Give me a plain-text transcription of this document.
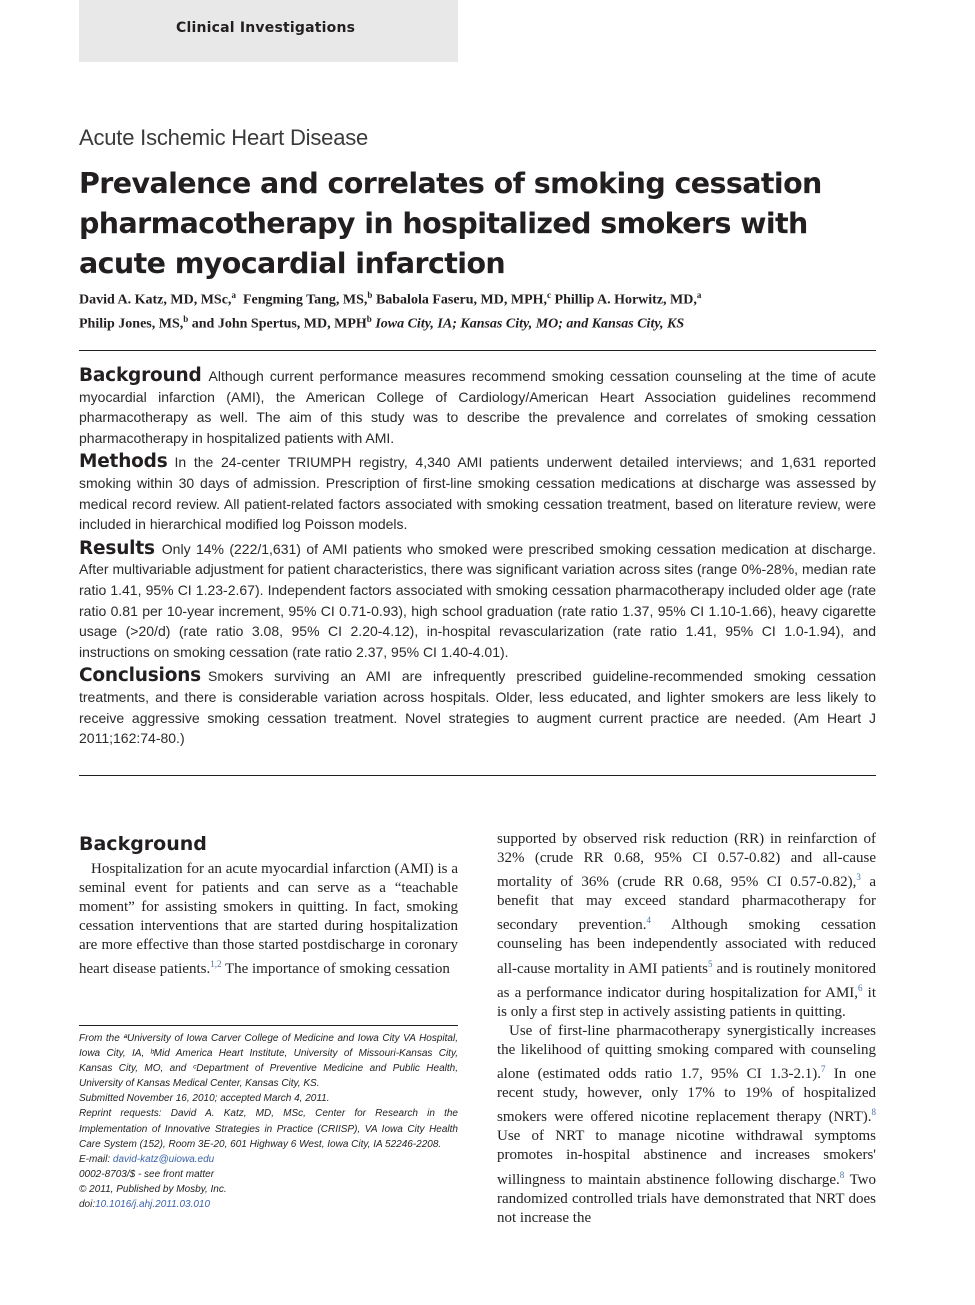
Clinical Investigations
Acute Ischemic Heart Disease
Prevalence and correlates of smoking cessation pharmacotherapy in hospitalized smokers with acute myocardial infarction
David A. Katz, MD, MSc,$^a$ Fengming Tang, MS,$^b$ Babalola Faseru, MD, MPH,$^c$ Phillip A. Horwitz, MD,$^a$
Philip Jones, MS,$^b$ and John Spertus, MD, MPH$^b$ Iowa City, IA; Kansas City, MO; and Kansas City, KS

Background Although current performance measures recommend smoking cessation counseling at the time of acute myocardial infarction (AMI), the American College of Cardiology/American Heart Association guidelines recommend pharmacotherapy as well. The aim of this study was to describe the prevalence and correlates of smoking cessation pharmacotherapy in hospitalized patients with AMI.

Methods In the 24-center TRIUMPH registry, 4,340 AMI patients underwent detailed interviews; and 1,631 reported smoking within 30 days of admission. Prescription of first-line smoking cessation medications at discharge was assessed by medical record review. All patient-related factors associated with smoking cessation treatment, based on literature review, were included in hierarchical modified log Poisson models.

Results Only 14% (222/1,631) of AMI patients who smoked were prescribed smoking cessation medication at discharge. After multivariable adjustment for patient characteristics, there was significant variation across sites (range 0%-28%, median rate ratio 1.41, 95% CI 1.23-2.67). Independent factors associated with smoking cessation pharmacotherapy included older age (rate ratio 0.81 per 10-year increment, 95% CI 0.71-0.93), high school graduation (rate ratio 1.37, 95% CI 1.10-1.66), heavy cigarette usage (>20/d) (rate ratio 3.08, 95% CI 2.20-4.12), in-hospital revascularization (rate ratio 1.41, 95% CI 1.0-1.94), and instructions on smoking cessation (rate ratio 2.37, 95% CI 1.40-4.01).

Conclusions Smokers surviving an AMI are infrequently prescribed guideline-recommended smoking cessation treatments, and there is considerable variation across hospitals. Older, less educated, and lighter smokers are less likely to receive aggressive smoking cessation treatment. Novel strategies to augment current practice are needed. (Am Heart J 2011;162:74-80.)

Background

Hospitalization for an acute myocardial infarction (AMI) is a seminal event for patients and can serve as a “teachable moment” for assisting smokers in quitting. In fact, smoking cessation interventions that are started during hospitalization are more effective than those started postdischarge in coronary heart disease patients.$^{1,2}$ The importance of smoking cessation

From the ªUniversity of Iowa Carver College of Medicine and Iowa City VA Hospital, Iowa City, IA, ᵇMid America Heart Institute, University of Missouri-Kansas City, Kansas City, MO, and ᶜDepartment of Preventive Medicine and Public Health, University of Kansas Medical Center, Kansas City, KS.
Submitted November 16, 2010; accepted March 4, 2011.
Reprint requests: David A. Katz, MD, MSc, Center for Research in the Implementation of Innovative Strategies in Practice (CRIISP), VA Iowa City Health Care System (152), Room 3E-20, 601 Highway 6 West, Iowa City, IA 52246-2208.
E-mail: david-katz@uiowa.edu
0002-8703/$ - see front matter
© 2011, Published by Mosby, Inc.
doi:10.1016/j.ahj.2011.03.010

supported by observed risk reduction (RR) in reinfarction of 32% (crude RR 0.68, 95% CI 0.57-0.82) and all-cause mortality of 36% (crude RR 0.68, 95% CI 0.57-0.82),$^3$ a benefit that may exceed standard pharmacotherapy for secondary prevention.$^4$ Although smoking cessation counseling has been independently associated with reduced all-cause mortality in AMI patients$^5$ and is routinely monitored as a performance indicator during hospitalization for AMI,$^6$ it is only a first step in actively assisting patients in quitting.

Use of first-line pharmacotherapy synergistically increases the likelihood of quitting smoking compared with counseling alone (estimated odds ratio 1.7, 95% CI 1.3-2.1).$^7$ In one recent study, however, only 17% to 19% of hospitalized smokers were offered nicotine replacement therapy (NRT).$^8$ Use of NRT to manage nicotine withdrawal symptoms promotes in-hospital abstinence and increases smokers' willingness to maintain abstinence following discharge.$^8$ Two randomized controlled trials have demonstrated that NRT does not increase the
